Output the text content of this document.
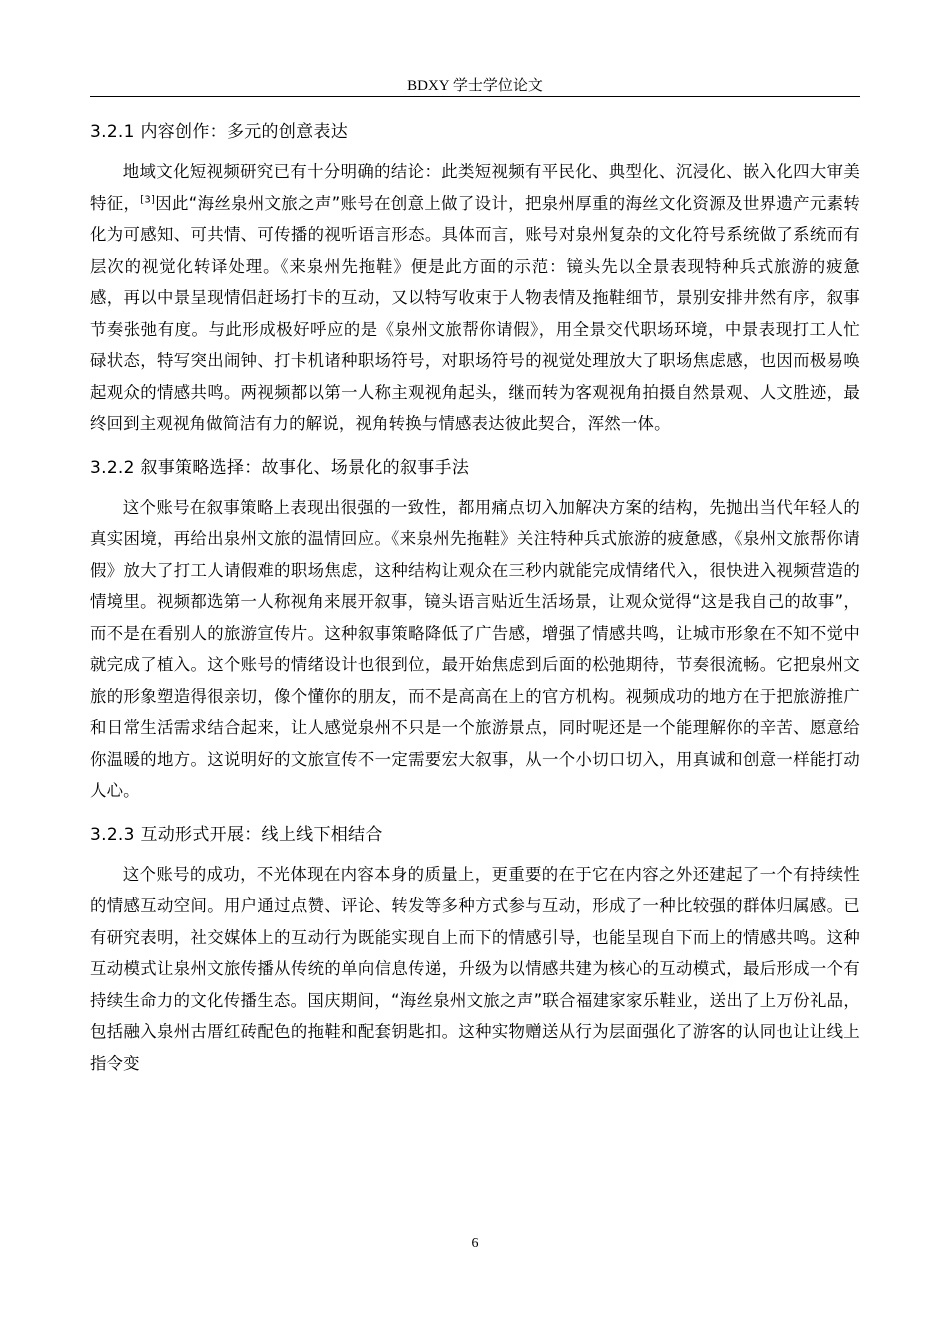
BDXY 学士学位论文
3.2.1 内容创作：多元的创意表达

地域文化短视频研究已有十分明确的结论：此类短视频有平民化、典型化、沉浸化、嵌入化四大审美特征，[3]因此“海丝泉州文旅之声”账号在创意上做了设计，把泉州厚重的海丝文化资源及世界遗产元素转化为可感知、可共情、可传播的视听语言形态。具体而言，账号对泉州复杂的文化符号系统做了系统而有层次的视觉化转译处理。《来泉州先拖鞋》便是此方面的示范：镜头先以全景表现特种兵式旅游的疲惫感，再以中景呈现情侣赶场打卡的互动，又以特写收束于人物表情及拖鞋细节，景别安排井然有序，叙事节奏张弛有度。与此形成极好呼应的是《泉州文旅帮你请假》，用全景交代职场环境，中景表现打工人忙碌状态，特写突出闹钟、打卡机诸种职场符号，对职场符号的视觉处理放大了职场焦虑感，也因而极易唤起观众的情感共鸣。两视频都以第一人称主观视角起头，继而转为客观视角拍摄自然景观、人文胜迹，最终回到主观视角做简洁有力的解说，视角转换与情感表达彼此契合，浑然一体。

3.2.2 叙事策略选择：故事化、场景化的叙事手法

这个账号在叙事策略上表现出很强的一致性，都用痛点切入加解决方案的结构，先抛出当代年轻人的真实困境，再给出泉州文旅的温情回应。《来泉州先拖鞋》关注特种兵式旅游的疲惫感，《泉州文旅帮你请假》放大了打工人请假难的职场焦虑，这种结构让观众在三秒内就能完成情绪代入，很快进入视频营造的情境里。视频都选第一人称视角来展开叙事，镜头语言贴近生活场景，让观众觉得“这是我自己的故事”，而不是在看别人的旅游宣传片。这种叙事策略降低了广告感，增强了情感共鸣，让城市形象在不知不觉中就完成了植入。这个账号的情绪设计也很到位，最开始焦虑到后面的松弛期待，节奏很流畅。它把泉州文旅的形象塑造得很亲切，像个懂你的朋友，而不是高高在上的官方机构。视频成功的地方在于把旅游推广和日常生活需求结合起来，让人感觉泉州不只是一个旅游景点，同时呢还是一个能理解你的辛苦、愿意给你温暖的地方。这说明好的文旅宣传不一定需要宏大叙事，从一个小切口切入，用真诚和创意一样能打动人心。

3.2.3 互动形式开展：线上线下相结合

这个账号的成功，不光体现在内容本身的质量上，更重要的在于它在内容之外还建起了一个有持续性的情感互动空间。用户通过点赞、评论、转发等多种方式参与互动，形成了一种比较强的群体归属感。已有研究表明，社交媒体上的互动行为既能实现自上而下的情感引导，也能呈现自下而上的情感共鸣。这种互动模式让泉州文旅传播从传统的单向信息传递，升级为以情感共建为核心的互动模式，最后形成一个有持续生命力的文化传播生态。国庆期间，“海丝泉州文旅之声”联合福建家家乐鞋业，送出了上万份礼品，包括融入泉州古厝红砖配色的拖鞋和配套钥匙扣。这种实物赠送从行为层面强化了游客的认同也让让线上指令变

6
